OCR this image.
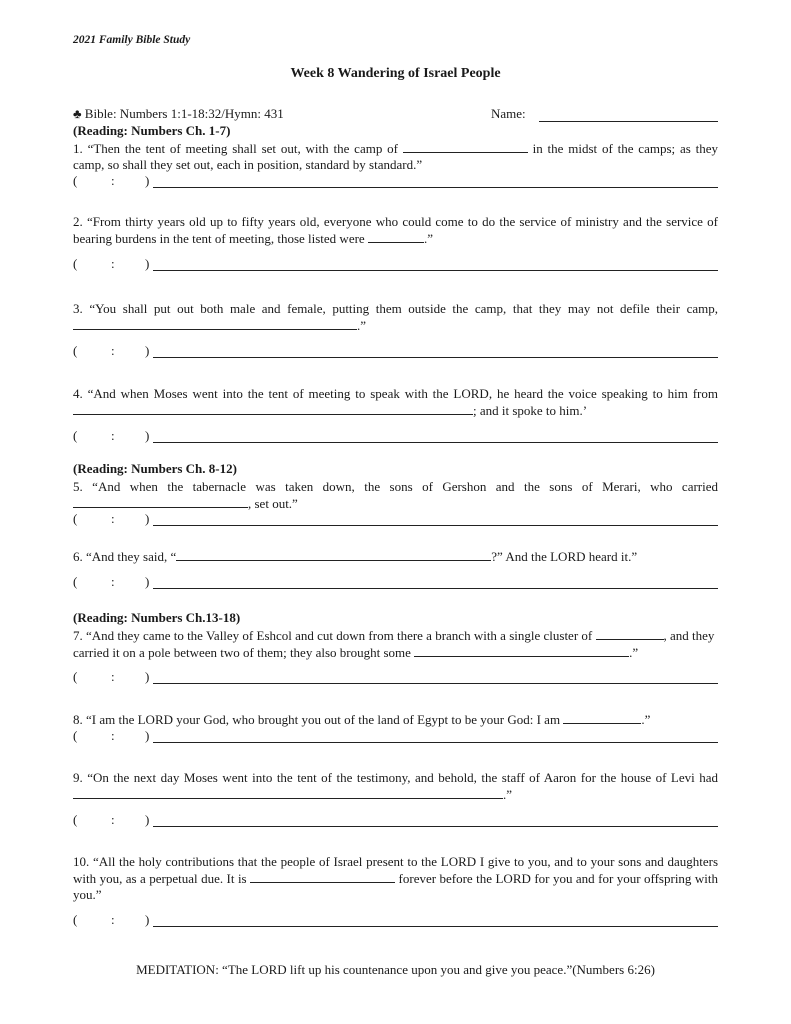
2021 Family Bible Study
Week 8 Wandering of Israel People
♣ Bible: Numbers 1:1-18:32/Hymn: 431	Name:
(Reading: Numbers Ch. 1-7)
1. “Then the tent of meeting shall set out, with the camp of	in the midst of the camps; as they camp, so shall they set out, each in position, standard by standard.”
(	: )
2. “From thirty years old up to fifty years old, everyone who could come to do the service of ministry and the service of bearing burdens in the tent of meeting, those listed were	.”
(	: )
3. “You shall put out both male and female, putting them outside the camp, that they may not defile their camp, .”
(	: )
4. “And when Moses went into the tent of meeting to speak with the LORD, he heard the voice speaking to him from ; and it spoke to him.’
(	: )
(Reading: Numbers Ch. 8-12)
5. “And when the tabernacle was taken down, the sons of Gershon and the sons of Merari, who carried , set out.”
(	: )
6. “And they said, “	?” And the LORD heard it.”
(	: )
(Reading: Numbers Ch.13-18)
7. “And they came to the Valley of Eshcol and cut down from there a branch with a single cluster of	, and they carried it on a pole between two of them; they also brought some	.”
(	: )
8. “I am the LORD your God, who brought you out of the land of Egypt to be your God: I am	.”
(	: )
9. “On the next day Moses went into the tent of the testimony, and behold, the staff of Aaron for the house of Levi had .”
(	: )
10. “All the holy contributions that the people of Israel present to the LORD I give to you, and to your sons and daughters with you, as a perpetual due. It is	forever before the LORD for you and for your offspring with you.”
(	: )
MEDITATION: “The LORD lift up his countenance upon you and give you peace.”(Numbers 6:26)
